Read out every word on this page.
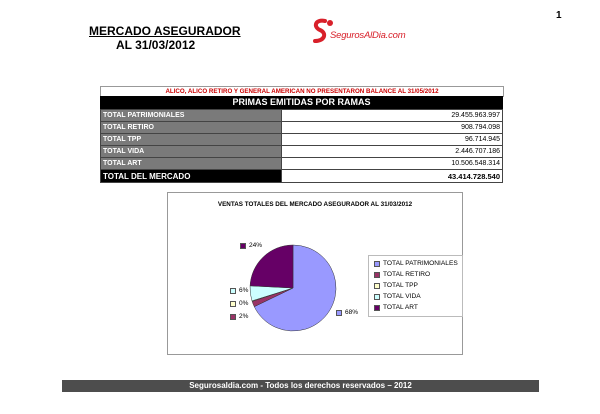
1
MERCADO ASEGURADOR
AL 31/03/2012
SegurosAlDia.com
ALICO, ALICO RETIRO Y GENERAL AMERICAN NO PRESENTARON BALANCE AL 31/05/2012
PRIMAS EMITIDAS POR RAMAS
TOTAL PATRIMONIALES	29.455.963.997
TOTAL RETIRO	908.794.098
TOTAL TPP	96.714.945
TOTAL VIDA	2.446.707.186
TOTAL ART	10.506.548.314
TOTAL DEL MERCADO	43.414.728.540
VENTAS TOTALES DEL MERCADO ASEGURADOR AL 31/03/2012
68%
2%
0%
6%
24%
TOTAL PATRIMONIALES
TOTAL RETIRO
TOTAL TPP
TOTAL VIDA
TOTAL ART
Segurosaldia.com - Todos los derechos reservados – 2012
